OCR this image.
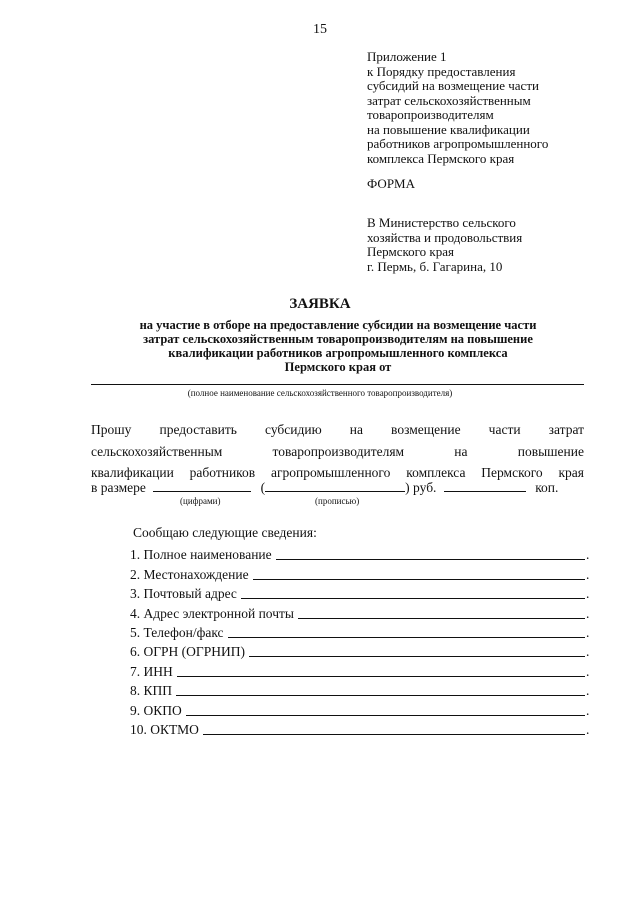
15
Приложение 1
к Порядку предоставления
субсидий на возмещение части
затрат сельскохозяйственным
товаропроизводителям
на повышение квалификации
работников агропромышленного
комплекса Пермского края
ФОРМА
В Министерство сельского
хозяйства и продовольствия
Пермского края
г. Пермь, б. Гагарина, 10
ЗАЯВКА
на участие в отборе на предоставление субсидии на возмещение части
затрат сельскохозяйственным товаропроизводителям на повышение
квалификации работников агропромышленного комплекса
Пермского края от
(полное наименование сельскохозяйственного товаропроизводителя)
Прошу предоставить субсидию на возмещение части затрат
сельскохозяйственным	товаропроизводителям	на	повышение
квалификации работников агропромышленного комплекса Пермского края
в размере	(	) руб.	коп.
(цифрами)	(прописью)
Сообщаю следующие сведения:
1. Полное наименование	.
2. Местонахождение	.
3. Почтовый адрес	.
4. Адрес электронной почты	.
5. Телефон/факс	.
6. ОГРН (ОГРНИП)	.
7. ИНН	.
8. КПП	.
9. ОКПО	.
10. ОКТМО	.
